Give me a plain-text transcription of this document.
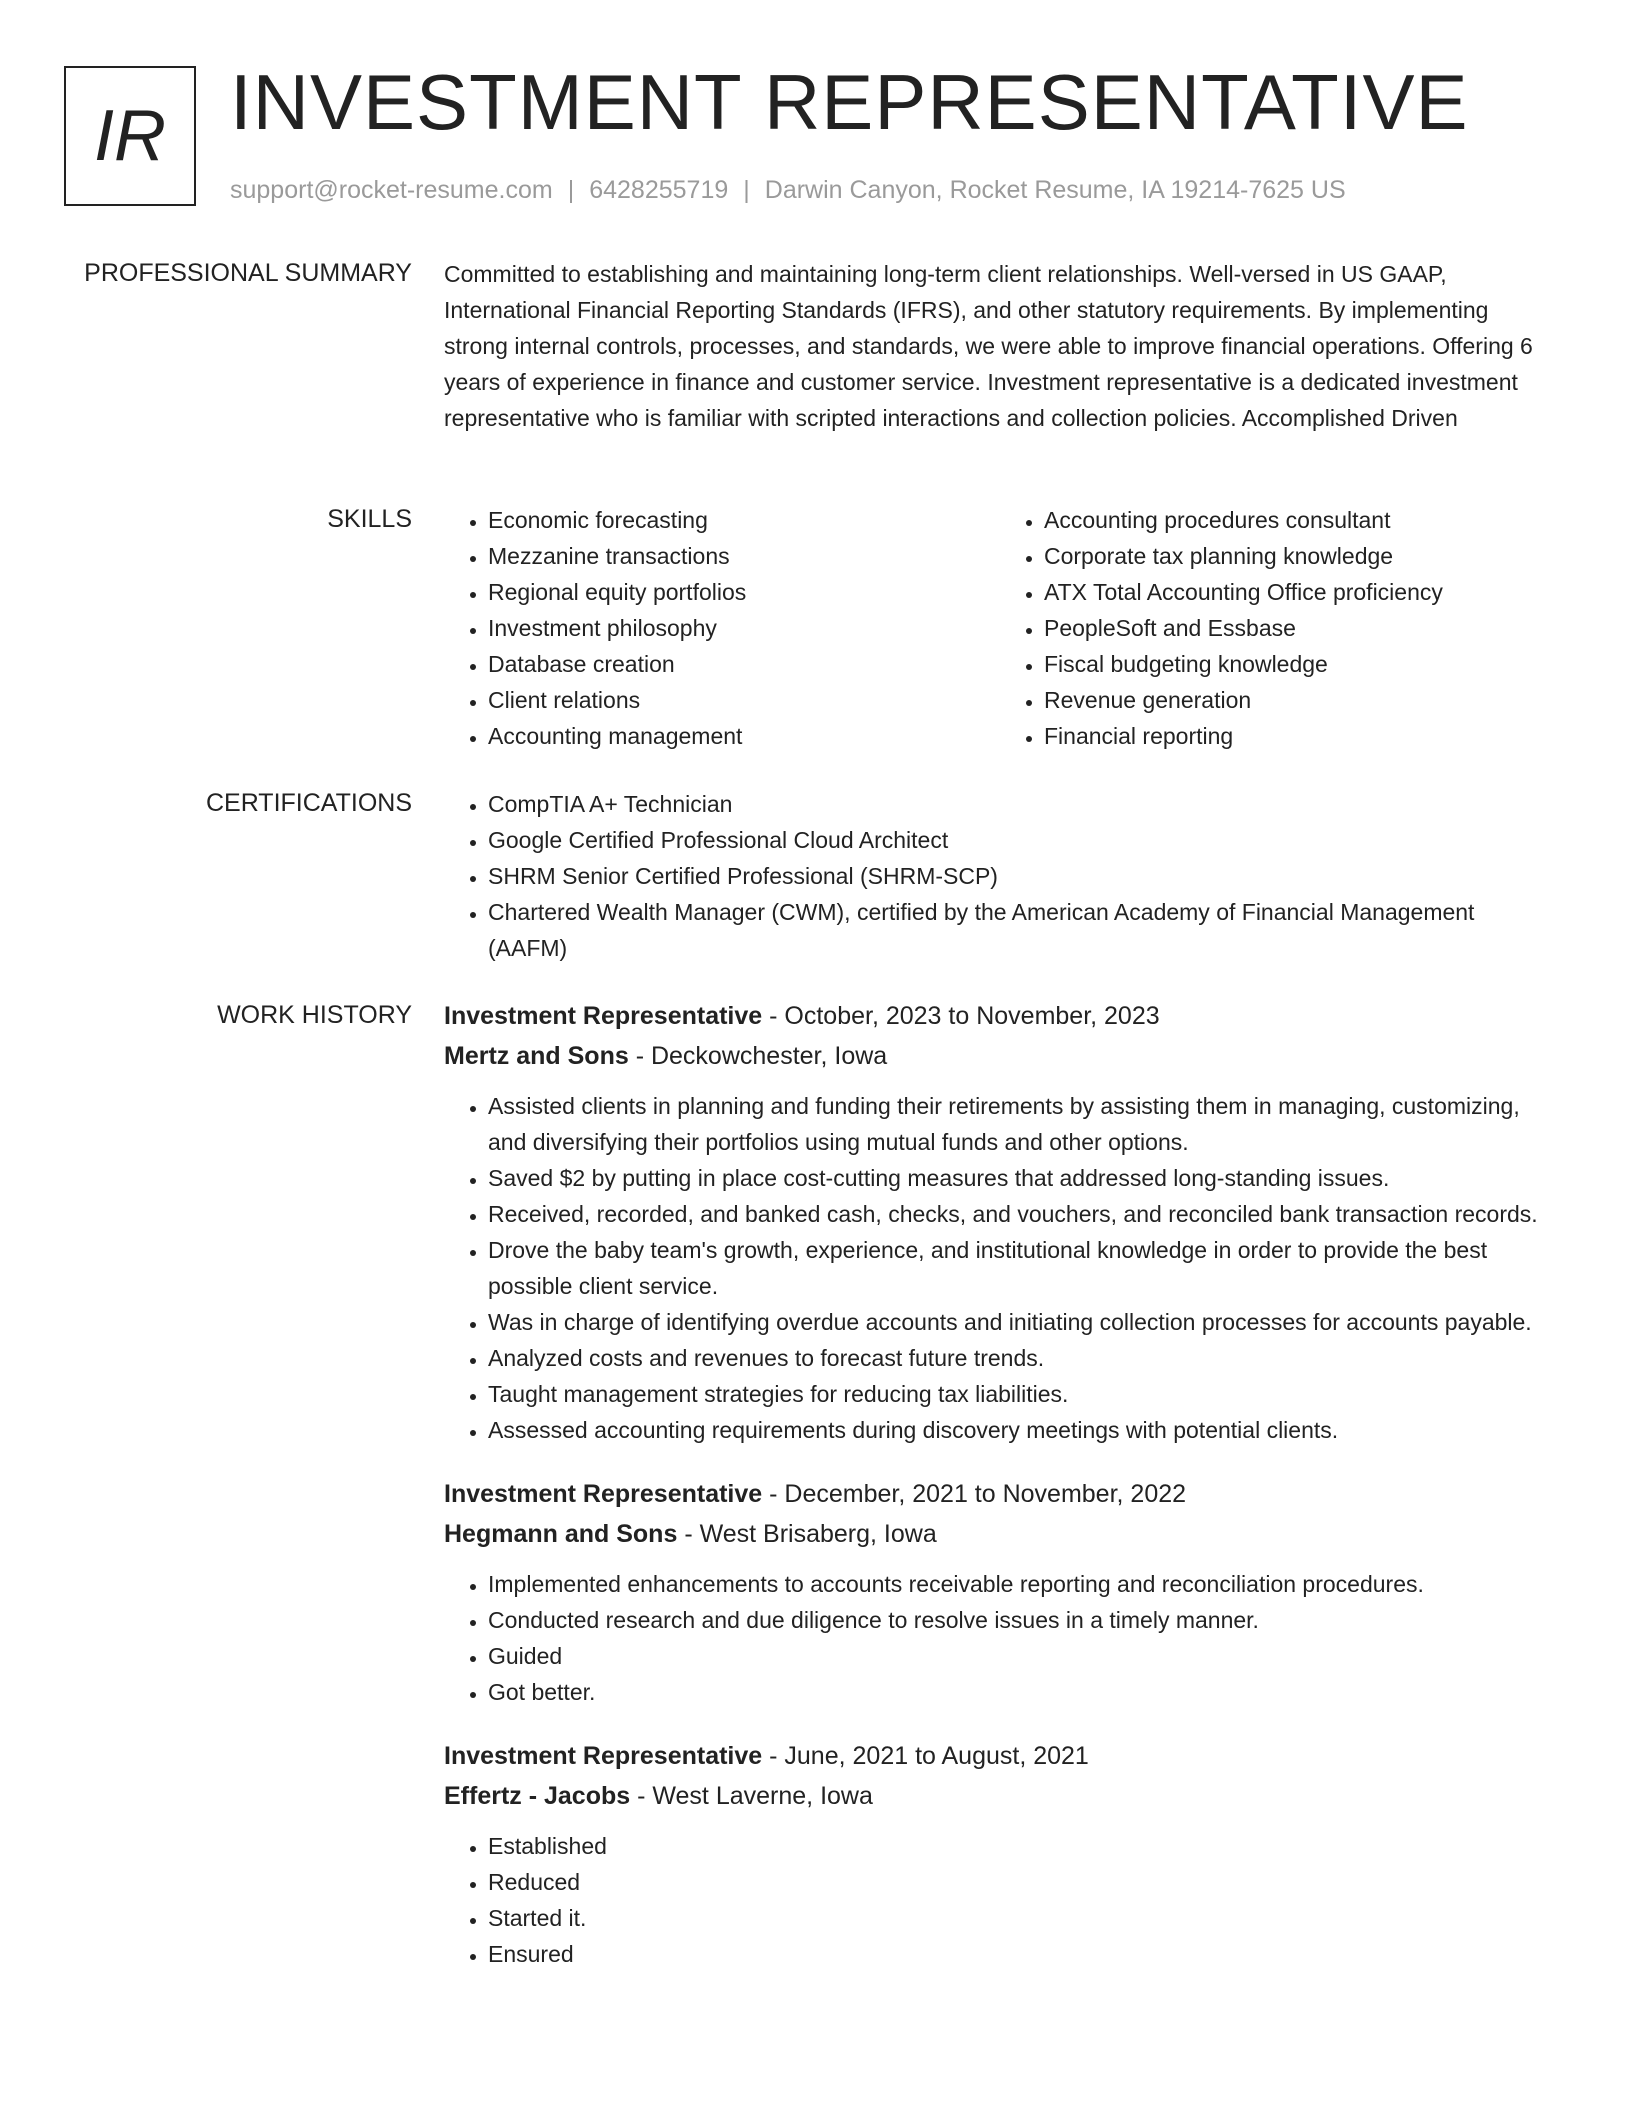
IR INVESTMENT REPRESENTATIVE
support@rocket-resume.com | 6428255719 | Darwin Canyon, Rocket Resume, IA 19214-7625 US
PROFESSIONAL SUMMARY Committed to establishing and maintaining long-term client relationships. Well-versed in US GAAP, International Financial Reporting Standards (IFRS), and other statutory requirements. By implementing strong internal controls, processes, and standards, we were able to improve financial operations. Offering 6 years of experience in finance and customer service. Investment representative is a dedicated investment representative who is familiar with scripted interactions and collection policies. Accomplished Driven
SKILLS	• Economic forecasting
• Mezzanine transactions
• Regional equity portfolios
• Investment philosophy
• Database creation
• Client relations
• Accounting management
• Accounting procedures consultant
• Corporate tax planning knowledge
• ATX Total Accounting Office proficiency
• PeopleSoft and Essbase
• Fiscal budgeting knowledge
• Revenue generation
• Financial reporting
CERTIFICATIONS	• CompTIA A+ Technician
• Google Certified Professional Cloud Architect
• SHRM Senior Certified Professional (SHRM-SCP)
• Chartered Wealth Manager (CWM), certified by the American Academy of Financial Management (AAFM)
WORK HISTORY Investment Representative - October, 2023 to November, 2023
Mertz and Sons - Deckowchester, Iowa
• Assisted clients in planning and funding their retirements by assisting them in managing, customizing, and diversifying their portfolios using mutual funds and other options.
• Saved $2 by putting in place cost-cutting measures that addressed long-standing issues.
• Received, recorded, and banked cash, checks, and vouchers, and reconciled bank transaction records.
• Drove the baby team's growth, experience, and institutional knowledge in order to provide the best possible client service.
• Was in charge of identifying overdue accounts and initiating collection processes for accounts payable.
• Analyzed costs and revenues to forecast future trends.
• Taught management strategies for reducing tax liabilities.
• Assessed accounting requirements during discovery meetings with potential clients.
Investment Representative - December, 2021 to November, 2022
Hegmann and Sons - West Brisaberg, Iowa
• Implemented enhancements to accounts receivable reporting and reconciliation procedures.
• Conducted research and due diligence to resolve issues in a timely manner.
• Guided
• Got better.
Investment Representative - June, 2021 to August, 2021
Effertz - Jacobs - West Laverne, Iowa
• Established
• Reduced
• Started it.
• Ensured
